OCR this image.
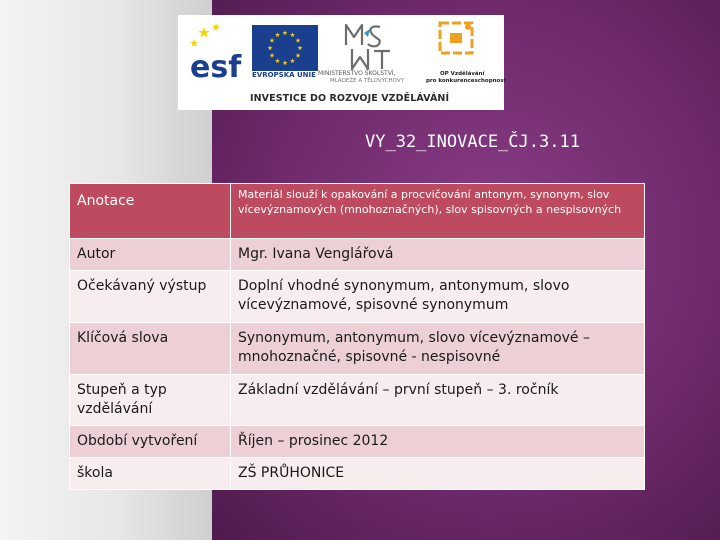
esf EVROPSKÁ UNIE MINISTERSTVO ŠKOLSTVÍ,
MLÁDEŽE A TĚLOVÝCHOVY
OP Vzdělávání
pro konkurenceschopnost
INVESTICE DO ROZVOJE VZDĚLÁVÁNÍ
VY_32_INOVACE_ČJ.3.11
Anotace	Materiál slouží k opakování a procvičování antonym, synonym, slov vícevýznamových (mnohoznačných), slov spisovných a nespisovných
Autor	Mgr. Ivana Venglářová
Očekávaný výstup	Doplní vhodné synonymum, antonymum, slovo vícevýznamové, spisovné synonymum
Klíčová slova	Synonymum, antonymum, slovo vícevýznamové – mnohoznačné, spisovné - nespisovné
Stupeň a typ vzdělávání	Základní vzdělávání – první stupeň – 3. ročník
Období vytvoření	Říjen – prosinec 2012
škola	ZŠ PRŮHONICE
